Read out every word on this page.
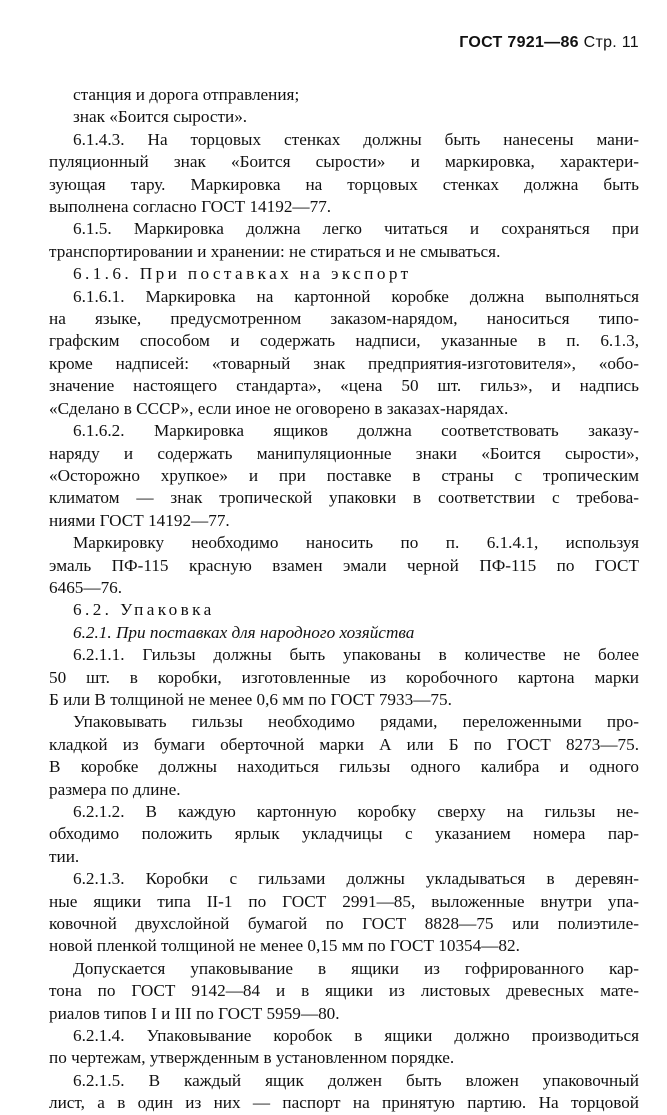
ГОСТ 7921—86 Стр. 11
станция и дорога отправления;
знак «Боится сырости».
6.1.4.3. На торцовых стенках должны быть нанесены мани-
пуляционный знак «Боится сырости» и маркировка, характери-
зующая тару. Маркировка на торцовых стенках должна быть
выполнена согласно ГОСТ 14192—77.
6.1.5. Маркировка должна легко читаться и сохраняться при
транспортировании и хранении: не стираться и не смываться.
6.1.6. При поставках на экспорт
6.1.6.1. Маркировка на картонной коробке должна выполняться
на языке, предусмотренном заказом-нарядом, наноситься типо-
графским способом и содержать надписи, указанные в п. 6.1.3,
кроме надписей: «товарный знак предприятия-изготовителя», «обо-
значение настоящего стандарта», «цена 50 шт. гильз», и надпись
«Сделано в СССР», если иное не оговорено в заказах-нарядах.
6.1.6.2. Маркировка ящиков должна соответствовать заказу-
наряду и содержать манипуляционные знаки «Боится сырости»,
«Осторожно хрупкое» и при поставке в страны с тропическим
климатом — знак тропической упаковки в соответствии с требова-
ниями ГОСТ 14192—77.
Маркировку необходимо наносить по п. 6.1.4.1, используя
эмаль ПФ-115 красную взамен эмали черной ПФ-115 по ГОСТ
6465—76.
6.2. Упаковка
6.2.1. При поставках для народного хозяйства
6.2.1.1. Гильзы должны быть упакованы в количестве не более
50 шт. в коробки, изготовленные из коробочного картона марки
Б или В толщиной не менее 0,6 мм по ГОСТ 7933—75.
Упаковывать гильзы необходимо рядами, переложенными про-
кладкой из бумаги оберточной марки А или Б по ГОСТ 8273—75.
В коробке должны находиться гильзы одного калибра и одного
размера по длине.
6.2.1.2. В каждую картонную коробку сверху на гильзы не-
обходимо положить ярлык укладчицы с указанием номера пар-
тии.
6.2.1.3. Коробки с гильзами должны укладываться в деревян-
ные ящики типа II-1 по ГОСТ 2991—85, выложенные внутри упа-
ковочной двухслойной бумагой по ГОСТ 8828—75 или полиэтиле-
новой пленкой толщиной не менее 0,15 мм по ГОСТ 10354—82.
Допускается упаковывание в ящики из гофрированного кар-
тона по ГОСТ 9142—84 и в ящики из листовых древесных мате-
риалов типов I и III по ГОСТ 5959—80.
6.2.1.4. Упаковывание коробок в ящики должно производиться
по чертежам, утвержденным в установленном порядке.
6.2.1.5. В каждый ящик должен быть вложен упаковочный
лист, а в один из них — паспорт на принятую партию. На торцовой
